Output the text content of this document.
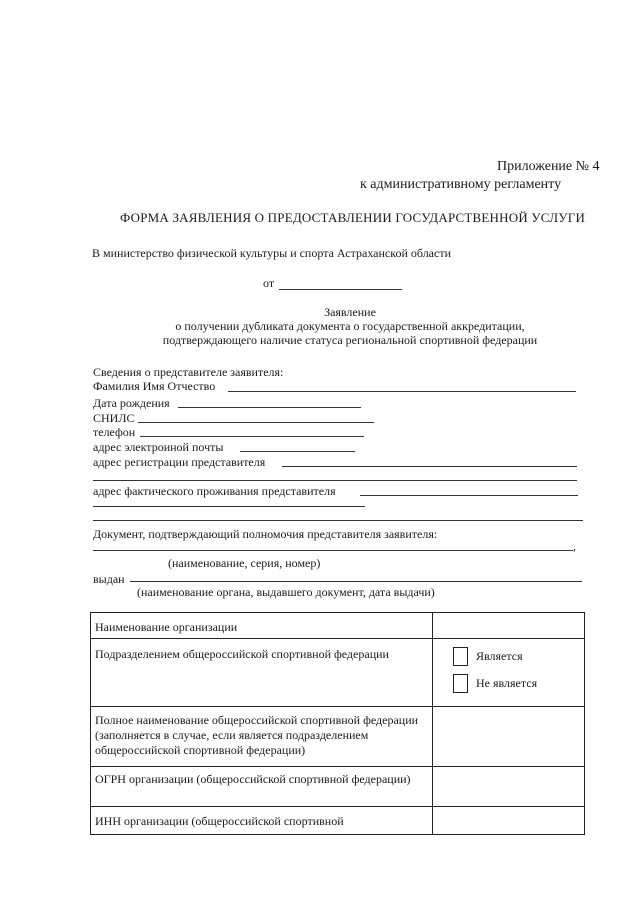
Приложение № 4
к административному регламенту
ФОРМА ЗАЯВЛЕНИЯ О ПРЕДОСТАВЛЕНИИ ГОСУДАРСТВЕННОЙ УСЛУГИ
В министерство физической культуры и спорта Астраханской области
от
Заявление
о получении дубликата документа о государственной аккредитации,
подтверждающего наличие статуса региональной спортивной федерации
Сведения о представителе заявителя:
Фамилия Имя Отчество
Дата рождения
СНИЛС
телефон
адрес электроиной почты
адрес регистрации представителя
адрес фактического проживания представителя
Документ, подтверждающий полномочия представителя заявителя:
,
(наименование, серия, номер)
выдан
(наименование органа, выдавшего документ, дата выдачи)
Наименование организации	
Подразделением общероссийской спортивной федерации	Является
Не является

Полное наименование общероссийской спортивной федерации (заполняется в случае, если является подразделением общероссийской спортивной федерации)	
ОГРН организации (общероссийской спортивной федерации)	
ИНН организации (общероссийской спортивной	
